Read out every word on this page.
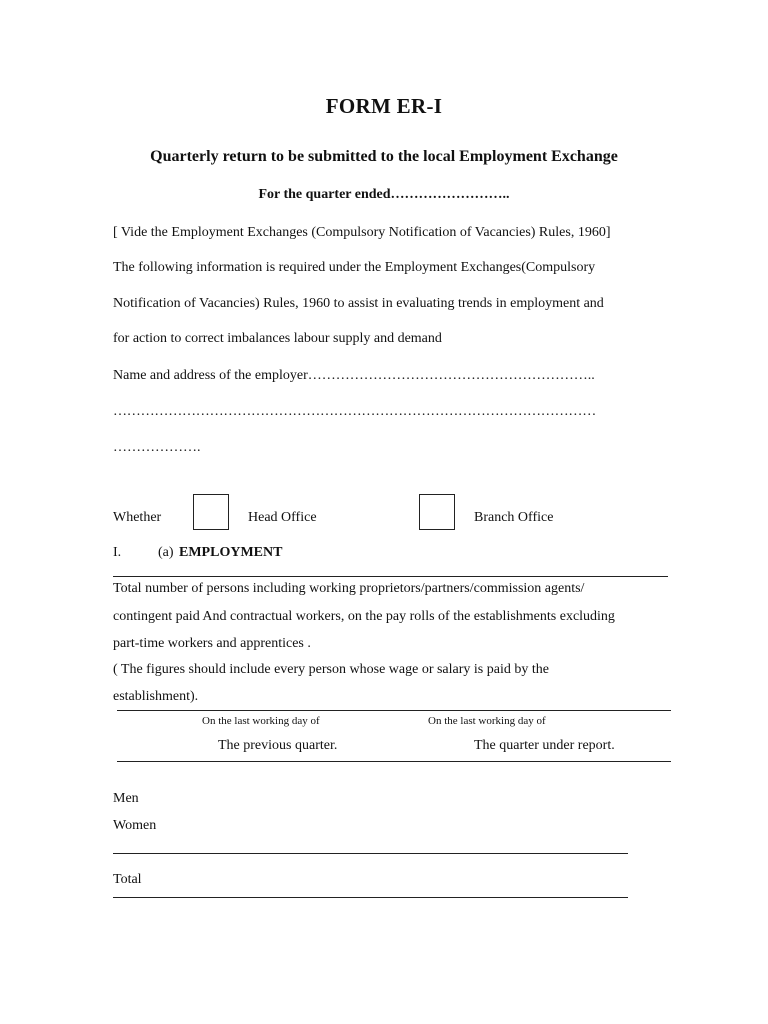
FORM ER-I
Quarterly return to be submitted to the local Employment Exchange
For the quarter ended……………………..
[ Vide the Employment Exchanges (Compulsory Notification of Vacancies) Rules, 1960]
The following information is required under the Employment Exchanges(Compulsory
Notification of Vacancies) Rules, 1960 to assist in evaluating trends in employment and
for action to correct imbalances labour supply and demand
Name and address of the employer……………………………………………………..
……………………………………………………………………………………………
……………….
Whether	Head Office	Branch Office
I.	(a) EMPLOYMENT
Total number of persons including working proprietors/partners/commission agents/
contingent paid And contractual workers, on the pay rolls of the establishments excluding
part-time workers and apprentices .
( The figures should include every person whose wage or salary is paid by the
establishment).
On the last working day of
The previous quarter.
On the last working day of
The quarter under report.
Men
Women
Total
